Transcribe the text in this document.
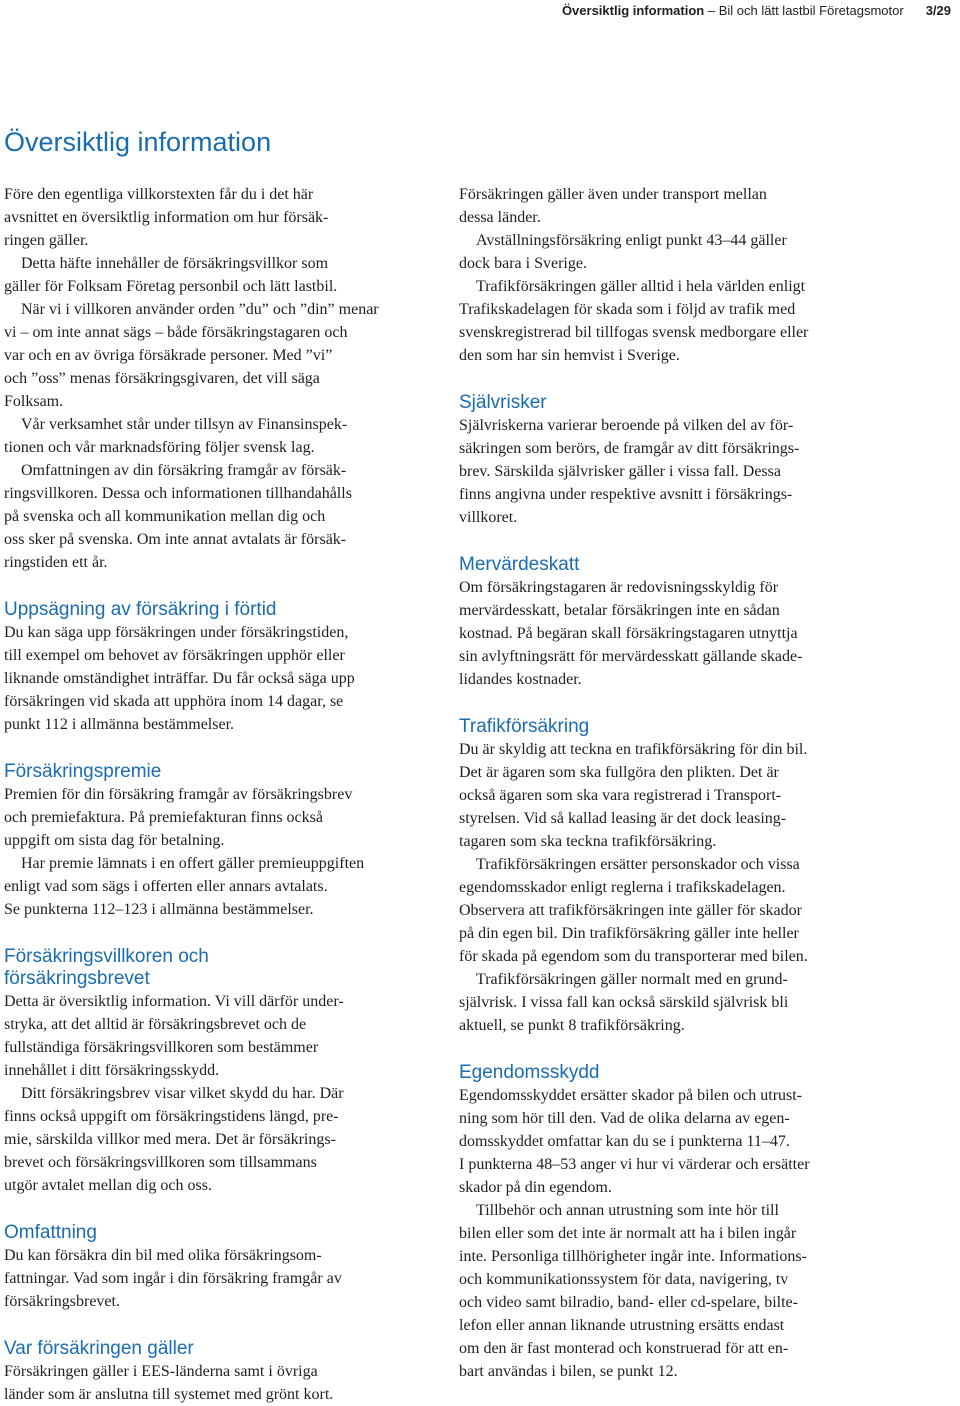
Översiktlig information – Bil och lätt lastbil Företagsmotor 3/29
Översiktlig information

Före den egentliga villkorstexten får du i det här
avsnittet en översiktlig information om hur försäk-
ringen gäller.

Detta häfte innehåller de försäkringsvillkor som
gäller för Folksam Företag personbil och lätt lastbil.

När vi i villkoren använder orden ”du” och ”din” menar
vi – om inte annat sägs – både försäkringstagaren och
var och en av övriga försäkrade personer. Med ”vi”
och ”oss” menas försäkringsgivaren, det vill säga
Folksam.

Vår verksamhet står under tillsyn av Finansinspek-
tionen och vår marknadsföring följer svensk lag.

Omfattningen av din försäkring framgår av försäk-
ringsvillkoren. Dessa och informationen tillhandahålls
på svenska och all kommunikation mellan dig och
oss sker på svenska. Om inte annat avtalats är försäk-
ringstiden ett år.

Uppsägning av försäkring i förtid

Du kan säga upp försäkringen under försäkringstiden,
till exempel om behovet av försäkringen upphör eller
liknande omständighet inträffar. Du får också säga upp
försäkringen vid skada att upphöra inom 14 dagar, se
punkt 112 i allmänna bestämmelser.

Försäkringspremie

Premien för din försäkring framgår av försäkringsbrev
och premiefaktura. På premiefakturan finns också
uppgift om sista dag för betalning.

Har premie lämnats i en offert gäller premieuppgiften
enligt vad som sägs i offerten eller annars avtalats.
Se punkterna 112–123 i allmänna bestämmelser.

Försäkringsvillkoren och
försäkringsbrevet

Detta är översiktlig information. Vi vill därför under-
stryka, att det alltid är försäkringsbrevet och de
fullständiga försäkringsvillkoren som bestämmer
innehållet i ditt försäkringsskydd.

Ditt försäkringsbrev visar vilket skydd du har. Där
finns också uppgift om försäkringstidens längd, pre-
mie, särskilda villkor med mera. Det är försäkrings-
brevet och försäkringsvillkoren som tillsammans
utgör avtalet mellan dig och oss.

Omfattning

Du kan försäkra din bil med olika försäkringsom-
fattningar. Vad som ingår i din försäkring framgår av
försäkringsbrevet.

Var försäkringen gäller

Försäkringen gäller i EES-länderna samt i övriga
länder som är anslutna till systemet med grönt kort.

Försäkringen gäller även under transport mellan
dessa länder.

Avställningsförsäkring enligt punkt 43–44 gäller
dock bara i Sverige.

Trafikförsäkringen gäller alltid i hela världen enligt
Trafikskadelagen för skada som i följd av trafik med
svenskregistrerad bil tillfogas svensk medborgare eller
den som har sin hemvist i Sverige.

Självrisker

Självriskerna varierar beroende på vilken del av för-
säkringen som berörs, de framgår av ditt försäkrings-
brev. Särskilda självrisker gäller i vissa fall. Dessa
finns angivna under respektive avsnitt i försäkrings-
villkoret.

Mervärdeskatt

Om försäkringstagaren är redovisningsskyldig för
mervärdesskatt, betalar försäkringen inte en sådan
kostnad. På begäran skall försäkringstagaren utnyttja
sin avlyftningsrätt för mervärdesskatt gällande skade-
lidandes kostnader.

Trafikförsäkring

Du är skyldig att teckna en trafikförsäkring för din bil.
Det är ägaren som ska fullgöra den plikten. Det är
också ägaren som ska vara registrerad i Transport-
styrelsen. Vid så kallad leasing är det dock leasing-
tagaren som ska teckna trafikförsäkring.

Trafikförsäkringen ersätter personskador och vissa
egendomsskador enligt reglerna i trafikskadelagen.
Observera att trafikförsäkringen inte gäller för skador
på din egen bil. Din trafikförsäkring gäller inte heller
för skada på egendom som du transporterar med bilen.

Trafikförsäkringen gäller normalt med en grund-
självrisk. I vissa fall kan också särskild självrisk bli
aktuell, se punkt 8 trafikförsäkring.

Egendomsskydd

Egendomsskyddet ersätter skador på bilen och utrust-
ning som hör till den. Vad de olika delarna av egen-
domsskyddet omfattar kan du se i punkterna 11–47.
I punkterna 48–53 anger vi hur vi värderar och ersätter
skador på din egendom.

Tillbehör och annan utrustning som inte hör till
bilen eller som det inte är normalt att ha i bilen ingår
inte. Personliga tillhörigheter ingår inte. Informations-
och kommunikationssystem för data, navigering, tv
och video samt bilradio, band- eller cd-spelare, bilte-
lefon eller annan liknande utrustning ersätts endast
om den är fast monterad och konstruerad för att en-
bart användas i bilen, se punkt 12.
